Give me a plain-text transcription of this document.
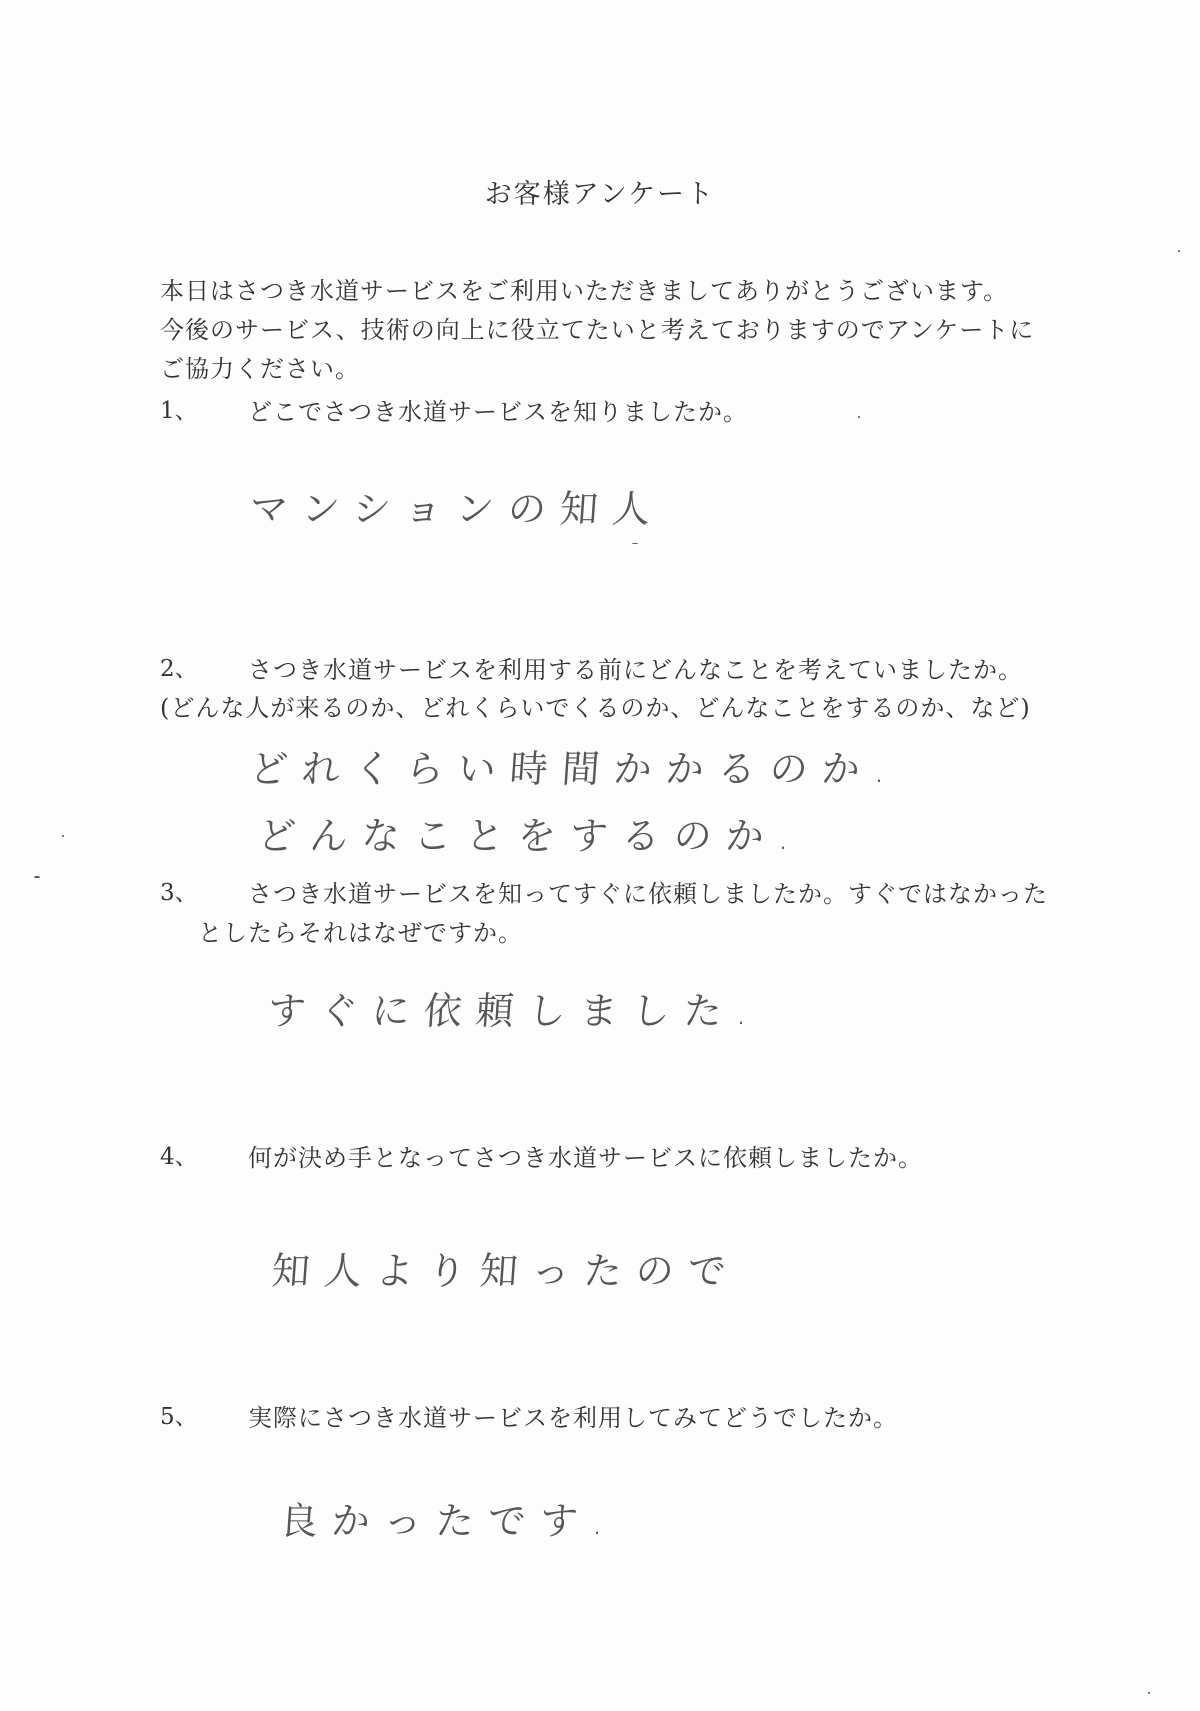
お客様アンケート
本日はさつき水道サービスをご利用いただきましてありがとうございます。
今後のサービス、技術の向上に役立てたいと考えておりますのでアンケートに
ご協力ください。
1、 どこでさつき水道サービスを知りましたか。
マンションの知人
2、 さつき水道サービスを利用する前にどんなことを考えていましたか。
(どんな人が来るのか、どれくらいでくるのか、どんなことをするのか、など)
どれくらい時間かかるのか.
どんなことをするのか.
3、 さつき水道サービスを知ってすぐに依頼しましたか。すぐではなかった
としたらそれはなぜですか。
すぐに依頼しました.
4、 何が決め手となってさつき水道サービスに依頼しましたか。
知人より知ったので
5、 実際にさつき水道サービスを利用してみてどうでしたか。
良かったです.
